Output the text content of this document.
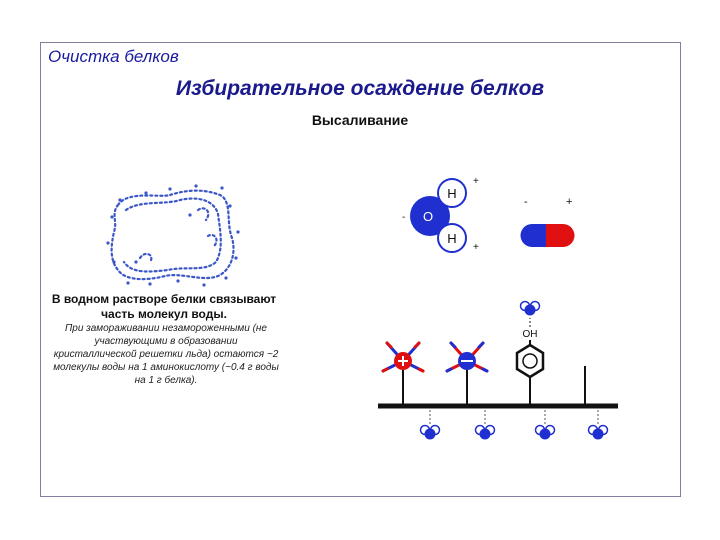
Очистка белков
Избирательное осаждение белков
Высаливание
H
H
O
+
+
-
-	+
OH
В водном растворе белки связывают часть молекул воды.
При замораживании незамороженными (не участвующими в образовании кристаллической решетки льда) остаются ~2 молекулы воды на 1 аминокислоту (~0.4 г воды на 1 г белка).
